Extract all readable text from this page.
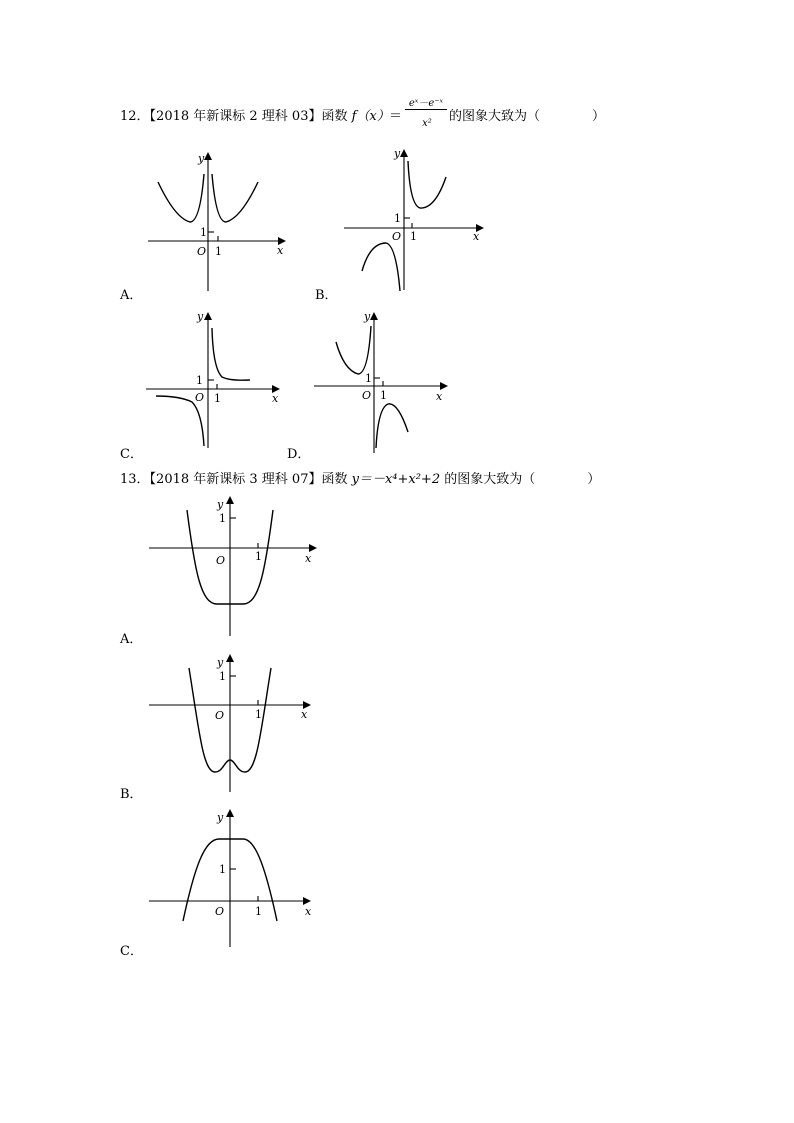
12．【2018 年新课标 2 理科 03】函数 f（x） ＝
eˣ－e⁻ˣ
x²	的图象大致为（　　　　）
y
1
O 1	x
A．
y
1
O 1	x
B．
y
1
O 1	x
C．
y
1
O 1	x
D．
13．【2018 年新课标 3 理科 07】函数 y＝－x⁴+x²+2 的图象大致为（　　　　）
y
1
O	1	x
A．
y
1
O	1	x
B．
y
1
O	1	x
C．
